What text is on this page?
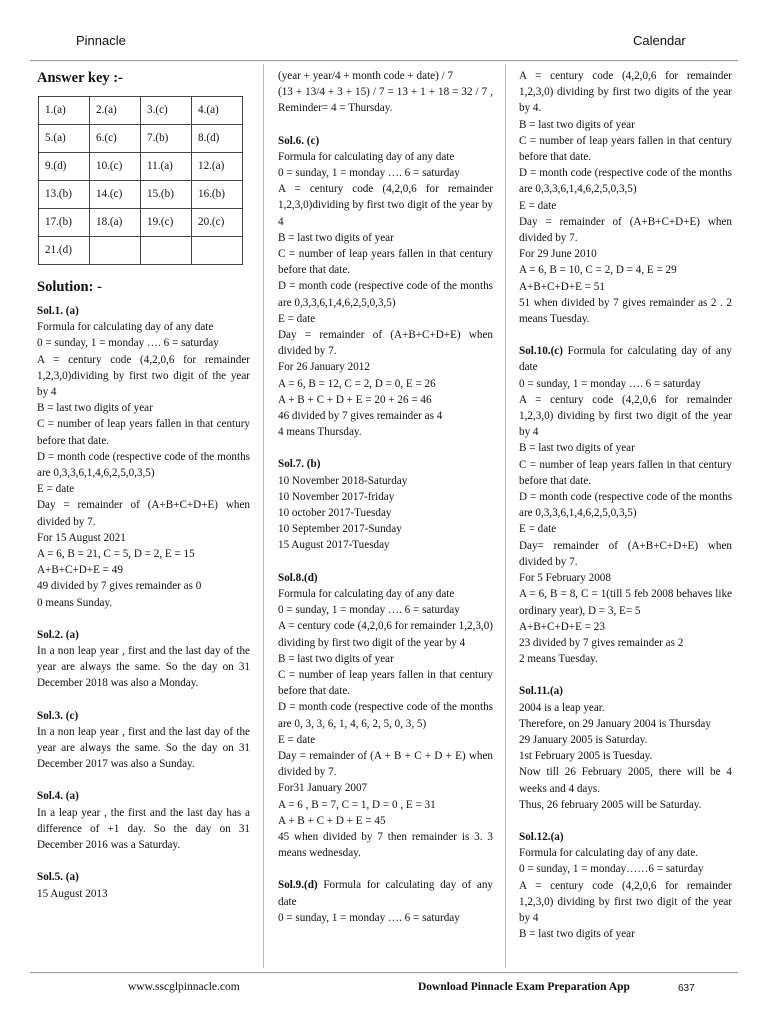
Pinnacle	Calendar
Answer key :-
1.(a)	2.(a)	3.(c)	4.(a)
5.(a)	6.(c)	7.(b)	8.(d)
9.(d)	10.(c)	11.(a)	12.(a)
13.(b)	14.(c)	15.(b)	16.(b)
17.(b)	18.(a)	19.(c)	20.(c)
21.(d)			
Solution: -

Sol.1. (a)

Formula for calculating day of any date

0 = sunday, 1 = monday …. 6 = saturday

A = century code (4,2,0,6 for remainder 1,2,3,0)dividing by first two digit of the year by 4

B = last two digits of year

C = number of leap years fallen in that century before that date.

D = month code (respective code of the months are 0,3,3,6,1,4,6,2,5,0,3,5)

E = date

Day = remainder of (A+B+C+D+E) when divided by 7.

For 15 August 2021

A = 6, B = 21, C = 5, D = 2, E = 15

A+B+C+D+E = 49

49 divided by 7 gives remainder as 0

0 means Sunday.

Sol.2. (a)

In a non leap year , first and the last day of the year are always the same. So the day on 31 December 2018 was also a Monday.

Sol.3. (c)

In a non leap year , first and the last day of the year are always the same. So the day on 31 December 2017 was also a Sunday.

Sol.4. (a)

In a leap year , the first and the last day has a difference of +1 day. So the day on 31 December 2016 was a Saturday.

Sol.5. (a)

15 August 2013

(year + year/4 + month code + date) / 7

(13 + 13/4 + 3 + 15) / 7 = 13 + 1 + 18 = 32 / 7 , Reminder= 4 = Thursday.

Sol.6. (c)

Formula for calculating day of any date

0 = sunday, 1 = monday …. 6 = saturday

A = century code (4,2,0,6 for remainder 1,2,3,0)dividing by first two digit of the year by 4

B = last two digits of year

C = number of leap years fallen in that century before that date.

D = month code (respective code of the months are 0,3,3,6,1,4,6,2,5,0,3,5)

E = date

Day = remainder of (A+B+C+D+E) when divided by 7.

For 26 January 2012

A = 6, B = 12, C = 2, D = 0, E = 26

A + B + C + D + E = 20 + 26 = 46

46 divided by 7 gives remainder as 4

4 means Thursday.

Sol.7. (b)

10 November 2018-Saturday

10 November 2017-friday

10 october 2017-Tuesday

10 September 2017-Sunday

15 August 2017-Tuesday

Sol.8.(d)

Formula for calculating day of any date

0 = sunday, 1 = monday …. 6 = saturday

A = century code (4,2,0,6 for remainder 1,2,3,0) dividing by first two digit of the year by 4

B = last two digits of year

C = number of leap years fallen in that century before that date.

D = month code (respective code of the months are 0, 3, 3, 6, 1, 4, 6, 2, 5, 0, 3, 5)

E = date

Day = remainder of (A + B + C + D + E) when divided by 7.

For31 January 2007

A = 6 , B = 7, C = 1, D = 0 , E = 31

A + B + C + D + E = 45

45 when divided by 7 then remainder is 3. 3 means wednesday.

Sol.9.(d) Formula for calculating day of any date

0 = sunday, 1 = monday …. 6 = saturday

A = century code (4,2,0,6 for remainder 1,2,3,0) dividing by first two digits of the year by 4.

B = last two digits of year

C = number of leap years fallen in that century before that date.

D = month code (respective code of the months are 0,3,3,6,1,4,6,2,5,0,3,5)

E = date

Day = remainder of (A+B+C+D+E) when divided by 7.

For 29 June 2010

A = 6, B = 10, C = 2, D = 4, E = 29

A+B+C+D+E = 51

51 when divided by 7 gives remainder as 2 . 2 means Tuesday.

Sol.10.(c) Formula for calculating day of any date

0 = sunday, 1 = monday …. 6 = saturday

A = century code (4,2,0,6 for remainder 1,2,3,0) dividing by first two digit of the year by 4

B = last two digits of year

C = number of leap years fallen in that century before that date.

D = month code (respective code of the months are 0,3,3,6,1,4,6,2,5,0,3,5)

E = date

Day= remainder of (A+B+C+D+E) when divided by 7.

For 5 February 2008

A = 6, B = 8, C = 1(till 5 feb 2008 behaves like ordinary year), D = 3, E= 5

A+B+C+D+E = 23

23 divided by 7 gives remainder as 2

2 means Tuesday.

Sol.11.(a)

2004 is a leap year.

Therefore, on 29 January 2004 is Thursday

29 January 2005 is Saturday.

1st February 2005 is Tuesday.

Now till 26 February 2005, there will be 4 weeks and 4 days.

Thus, 26 february 2005 will be Saturday.

Sol.12.(a)

Formula for calculating day of any date.

0 = sunday, 1 = monday……6 = saturday

A = century code (4,2,0,6 for remainder 1,2,3,0) dividing by first two digit of the year by 4

B = last two digits of year

www.sscglpinnacle.com	Download Pinnacle Exam Preparation App	637
